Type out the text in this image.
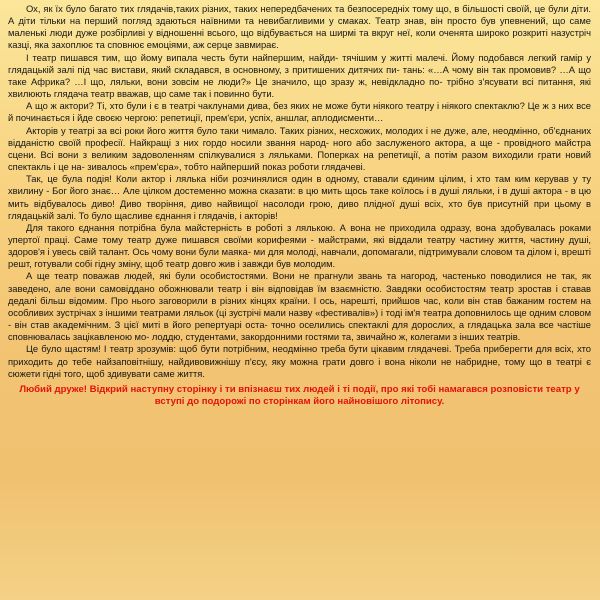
Ох, як їх було багато тих глядачів,таких різних, таких непередбачених та безпосередніх тому що, в більшості своїй, це були діти. А діти тільки на перший погляд здаються наївними та невибагливими у смаках. Театр знав, він просто був упевнений, що саме маленькі люди дуже розбірливі у відношенні всього, що відбувається на ширмі та вкруг неї, коли оченята широко розкриті назустріч казці, яка захоплює та сповнює емоціями, аж серце завмирає.

І театр пишався тим, що йому випала честь бути найпершим, найди- тячішим у житті малечі. Йому подобався легкий гамір у глядацькій залі під час вистави, який складався, в основному, з притишених дитячих пи- тань: «…А чому він так промовив? …А що таке Африка? …І що, ляльки, вони зовсім не люди?» Це значило, що зразу ж, невідкладно по- трібно з'ясувати всі питання, які хвилюють глядача театр вважав, що саме так і повинно бути.

А що ж актори? Ті, хто були і є в театрі чаклунами дива, без яких не може бути ніякого театру і ніякого спектаклю? Це ж з них все й починається і йде своєю чергою: репетиції, прем'єри, успіх, аншлаг, аплодисменти…

Акторів у театрі за всі роки його життя було таки чимало. Таких різних, несхожих, молодих і не дуже, але, неодмінно, об'єднаних відданістю своїй професії. Найкращі з них гордо носили звання народ- ного або заслуженого актора, а ще - провідного майстра сцени. Всі вони з великим задоволенням спілкувалися з ляльками. Поперках на репетиції, а потім разом виходили грати новий спектакль і це на- зивалось «прем'єра», тобто найперший показ роботи глядачеві.

Так, це була подія! Коли актор і лялька ніби розчинялися один в одному, ставали єдиним цілим, і хто там ким керував у ту хвилину - Бог його знає… Але цілком достеменно можна сказати: в цю мить щось таке коїлось і в душі ляльки, і в душі актора - в цю мить відбувалось диво! Диво творіння, диво найвищої насолоди грою, диво плідної душі всіх, хто був присутній при цьому в глядацькій залі. То було щасливе єднання і глядачів, і акторів!

Для такого єднання потрібна була майстерність в роботі з лялькою. А вона не приходила одразу, вона здобувалась роками упертої праці. Саме тому театр дуже пишався своїми корифеями - майстрами, які віддали театру частину життя, частину душі, здоров'я і увесь свій талант. Ось чому вони були маяка- ми для молоді, навчали, допомагали, підтримували словом та ділом і, врешті решт, готували собі гідну зміну, щоб театр довго жив і завжди був молодим.

А ще театр поважав людей, які були особистостями. Вони не прагнули звань та нагород, частенько поводилися не так, як заведено, але вони самовіддано обожнювали театр і він відповідав їм взаємністю. Завдяки особистостям театр зростав і ставав дедалі більш відомим. Про нього заговорили в різних кінцях країни. І ось, нарешті, прийшов час, коли він став бажаним гостем на особливих зустрічах з іншими театрами ляльок (ці зустрічі мали назву «фестивалів») і тоді ім'я театра доповнилось ще одним словом - він став академічним. З цієї миті в його репертуарі оста- точно оселились спектаклі для дорослих, а глядацька зала все частіше сповнювалась зацікавленою мо- лоддю, студентами, закордонними гостями та, звичайно ж, колегами з інших театрів.

Це було щастям! І театр зрозумів: щоб бути потрібним, неодмінно треба бути цікавим глядачеві. Треба приберегти для всіх, хто приходить до тебе найзаповітнішу, найдивовижнішу п'єсу, яку можна грати довго і вона ніколи не набридне, тому що в театрі є сюжети гідні того, щоб здивувати саме життя.

Любий друже! Відкрий наступну сторінку і ти впізнаєш тих людей і ті події, про які тобі намагався розповісти театр у вступі до подорожі по сторінкам його найновішого літопису.
